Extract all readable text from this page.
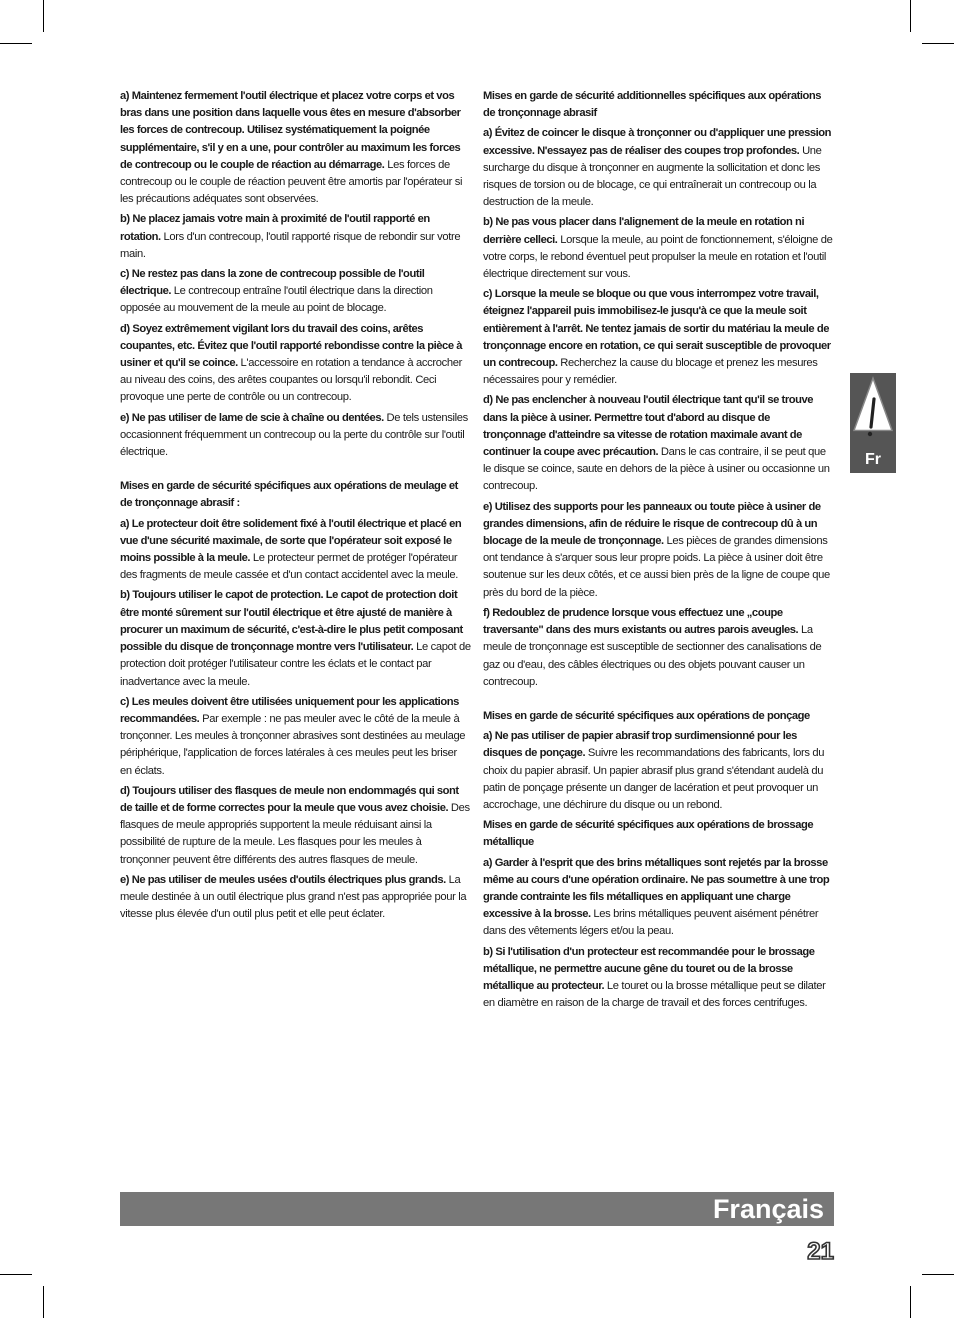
a) Maintenez fermement l'outil électrique et placez votre corps et vos bras dans une position dans laquelle vous êtes en mesure d'absorber les forces de contrecoup. Utilisez systématiquement la poignée supplémentaire, s'il y en a une, pour contrôler au maximum les forces de contrecoup ou le couple de réaction au démarrage. Les forces de contrecoup ou le couple de réaction peuvent être amortis par l'opérateur si les précautions adéquates sont observées.

b) Ne placez jamais votre main à proximité de l'outil rapporté en rotation. Lors d'un contrecoup, l'outil rapporté risque de rebondir sur votre main.

c) Ne restez pas dans la zone de contrecoup possible de l'outil électrique. Le contrecoup entraîne l'outil électrique dans la direction opposée au mouvement de la meule au point de blocage.

d) Soyez extrêmement vigilant lors du travail des coins, arêtes coupantes, etc. Évitez que l'outil rapporté rebondisse contre la pièce à usiner et qu'il se coince. L'accessoire en rotation a tendance à accrocher au niveau des coins, des arêtes coupantes ou lorsqu'il rebondit. Ceci provoque une perte de contrôle ou un contrecoup.

e) Ne pas utiliser de lame de scie à chaîne ou dentées. De tels ustensiles occasionnent fréquemment un contrecoup ou la perte du contrôle sur l'outil électrique.

Mises en garde de sécurité spécifiques aux opérations de meulage et de tronçonnage abrasif :

a) Le protecteur doit être solidement fixé à l'outil électrique et placé en vue d'une sécurité maximale, de sorte que l'opérateur soit exposé le moins possible à la meule. Le protecteur permet de protéger l'opérateur des fragments de meule cassée et d'un contact accidentel avec la meule.

b) Toujours utiliser le capot de protection. Le capot de protection doit être monté sûrement sur l'outil électrique et être ajusté de manière à procurer un maximum de sécurité, c'est-à-dire le plus petit composant possible du disque de tronçonnage montre vers l'utilisateur. Le capot de protection doit protéger l'utilisateur contre les éclats et le contact par inadvertance avec la meule.

c) Les meules doivent être utilisées uniquement pour les applications recommandées. Par exemple : ne pas meuler avec le côté de la meule à tronçonner. Les meules à tronçonner abrasives sont destinées au meulage périphérique, l'application de forces latérales à ces meules peut les briser en éclats.

d) Toujours utiliser des flasques de meule non endommagés qui sont de taille et de forme correctes pour la meule que vous avez choisie. Des flasques de meule appropriés supportent la meule réduisant ainsi la possibilité de rupture de la meule. Les flasques pour les meules à tronçonner peuvent être différents des autres flasques de meule.

e) Ne pas utiliser de meules usées d'outils électriques plus grands. La meule destinée à un outil électrique plus grand n'est pas appropriée pour la vitesse plus élevée d'un outil plus petit et elle peut éclater.

Mises en garde de sécurité additionnelles spécifiques aux opérations de tronçonnage abrasif

a) Évitez de coincer le disque à tronçonner ou d'appliquer une pression excessive. N'essayez pas de réaliser des coupes trop profondes. Une surcharge du disque à tronçonner en augmente la sollicitation et donc les risques de torsion ou de blocage, ce qui entraînerait un contrecoup ou la destruction de la meule.

b) Ne pas vous placer dans l'alignement de la meule en rotation ni derrière celleci. Lorsque la meule, au point de fonctionnement, s'éloigne de votre corps, le rebond éventuel peut propulser la meule en rotation et l'outil électrique directement sur vous.

c) Lorsque la meule se bloque ou que vous interrompez votre travail, éteignez l'appareil puis immobilisez-le jusqu'à ce que la meule soit entièrement à l'arrêt. Ne tentez jamais de sortir du matériau la meule de tronçonnage encore en rotation, ce qui serait susceptible de provoquer un contrecoup. Recherchez la cause du blocage et prenez les mesures nécessaires pour y remédier.

d) Ne pas enclencher à nouveau l'outil électrique tant qu'il se trouve dans la pièce à usiner. Permettre tout d'abord au disque de tronçonnage d'atteindre sa vitesse de rotation maximale avant de continuer la coupe avec précaution. Dans le cas contraire, il se peut que le disque se coince, saute en dehors de la pièce à usiner ou occasionne un contrecoup.

e) Utilisez des supports pour les panneaux ou toute pièce à usiner de grandes dimensions, afin de réduire le risque de contrecoup dû à un blocage de la meule de tronçonnage. Les pièces de grandes dimensions ont tendance à s'arquer sous leur propre poids. La pièce à usiner doit être soutenue sur les deux côtés, et ce aussi bien près de la ligne de coupe que près du bord de la pièce.

f) Redoublez de prudence lorsque vous effectuez une „coupe traversante" dans des murs existants ou autres parois aveugles. La meule de tronçonnage est susceptible de sectionner des canalisations de gaz ou d'eau, des câbles électriques ou des objets pouvant causer un contrecoup.

Mises en garde de sécurité spécifiques aux opérations de ponçage

a) Ne pas utiliser de papier abrasif trop surdimensionné pour les disques de ponçage. Suivre les recommandations des fabricants, lors du choix du papier abrasif. Un papier abrasif plus grand s'étendant audelà du patin de ponçage présente un danger de lacération et peut provoquer un accrochage, une déchirure du disque ou un rebond.

Mises en garde de sécurité spécifiques aux opérations de brossage métallique

a) Garder à l'esprit que des brins métalliques sont rejetés par la brosse même au cours d'une opération ordinaire. Ne pas soumettre à une trop grande contrainte les fils métalliques en appliquant une charge excessive à la brosse. Les brins métalliques peuvent aisément pénétrer dans des vêtements légers et/ou la peau.

b) Si l'utilisation d'un protecteur est recommandée pour le brossage métallique, ne permettre aucune gêne du touret ou de la brosse métallique au protecteur. Le touret ou la brosse métallique peut se dilater en diamètre en raison de la charge de travail et des forces centrifuges.

Fr
Français
21
